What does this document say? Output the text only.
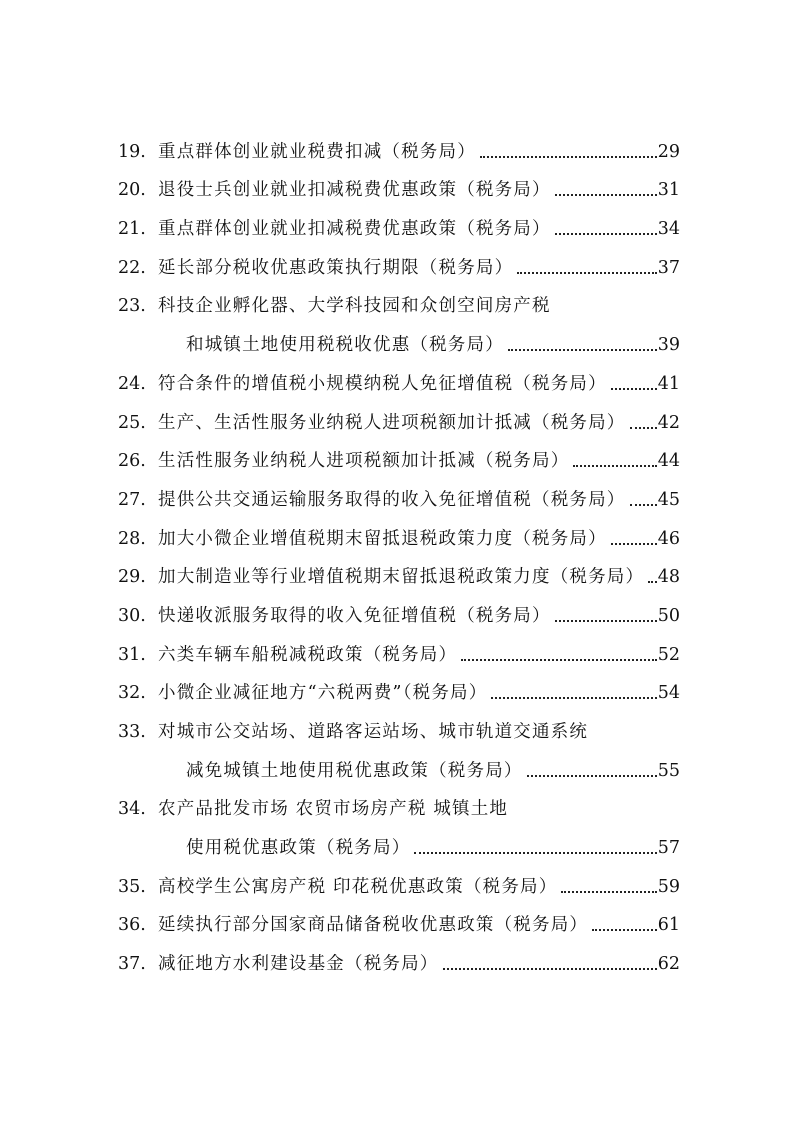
19. 重点群体创业就业税费扣减（税务局）	29
20. 退役士兵创业就业扣减税费优惠政策（税务局）	31
21. 重点群体创业就业扣减税费优惠政策（税务局）	34
22. 延长部分税收优惠政策执行期限（税务局）	37
23. 科技企业孵化器、大学科技园和众创空间房产税
和城镇土地使用税税收优惠（税务局）	39
24. 符合条件的增值税小规模纳税人免征增值税（税务局）	41
25. 生产、生活性服务业纳税人进项税额加计抵减（税务局） 42
26. 生活性服务业纳税人进项税额加计抵减（税务局）	44
27. 提供公共交通运输服务取得的收入免征增值税（税务局） 45
28. 加大小微企业增值税期末留抵退税政策力度（税务局）	46
29. 加大制造业等行业增值税期末留抵退税政策力度（税务局） 48
30. 快递收派服务取得的收入免征增值税（税务局）	50
31. 六类车辆车船税减税政策（税务局）	52
32. 小微企业减征地方“六税两费”（税务局）	54
33. 对城市公交站场、道路客运站场、城市轨道交通系统
减免城镇土地使用税优惠政策（税务局）	55
34. 农产品批发市场 农贸市场房产税 城镇土地
使用税优惠政策（税务局）	57
35. 高校学生公寓房产税 印花税优惠政策（税务局）	59
36. 延续执行部分国家商品储备税收优惠政策（税务局）	61
37. 减征地方水利建设基金（税务局）	62
